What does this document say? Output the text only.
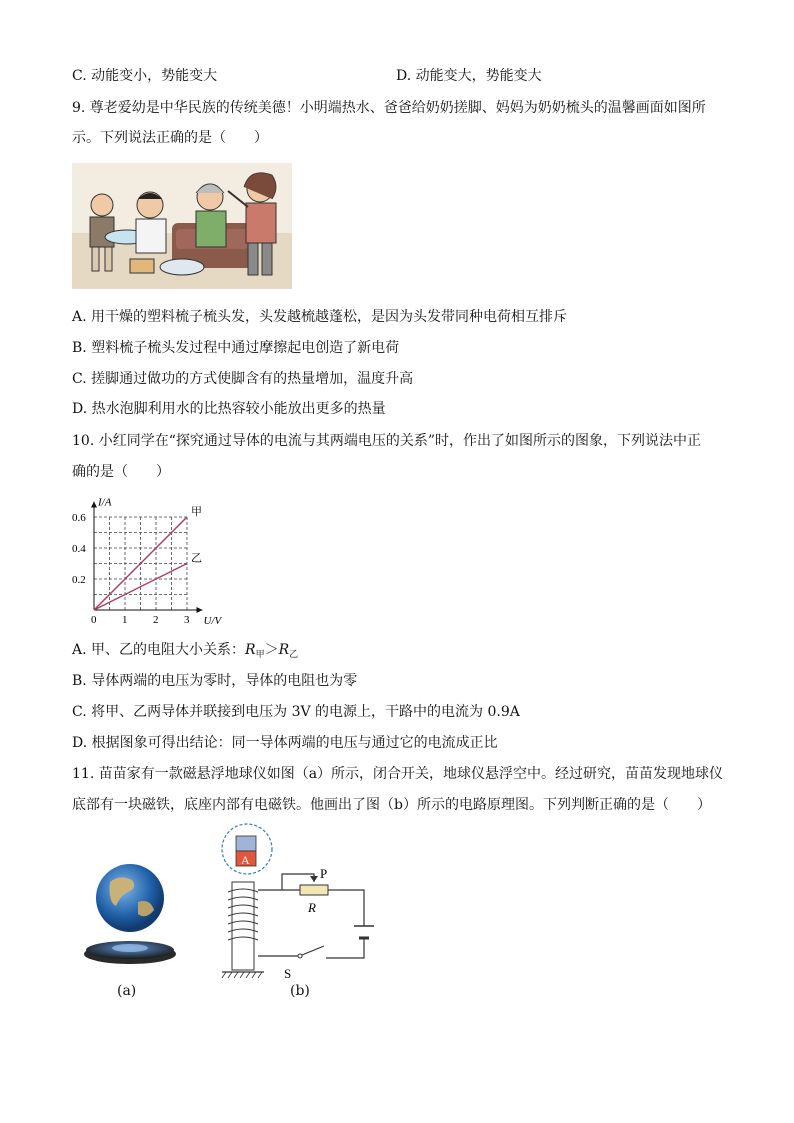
C. 动能变小，势能变大	D. 动能变大，势能变大
9. 尊老爱幼是中华民族的传统美德！小明端热水、爸爸给奶奶搓脚、妈妈为奶奶梳头的温馨画面如图所
示。下列说法正确的是（　　）
A. 用干燥的塑料梳子梳头发，头发越梳越蓬松，是因为头发带同种电荷相互排斥
B. 塑料梳子梳头发过程中通过摩擦起电创造了新电荷
C. 搓脚通过做功的方式使脚含有的热量增加，温度升高
D. 热水泡脚利用水的比热容较小能放出更多的热量
10. 小红同学在“探究通过导体的电流与其两端电压的关系”时，作出了如图所示的图象，下列说法中正
确的是（　　）
0 1 2 3
0.2
0.4
0.6
I/A
U/V
甲
乙
A. 甲、乙的电阻大小关系：$R_甲>R_乙$
B. 导体两端的电压为零时，导体的电阻也为零
C. 将甲、乙两导体并联接到电压为 3V 的电源上，干路中的电流为 0.9A
D. 根据图象可得出结论：同一导体两端的电压与通过它的电流成正比
11. 苗苗家有一款磁悬浮地球仪如图（a）所示，闭合开关，地球仪悬浮空中。经过研究，苗苗发现地球仪
底部有一块磁铁，底座内部有电磁铁。他画出了图（b）所示的电路原理图。下列判断正确的是（　　）
(a)
A
P
R
S
(b)
